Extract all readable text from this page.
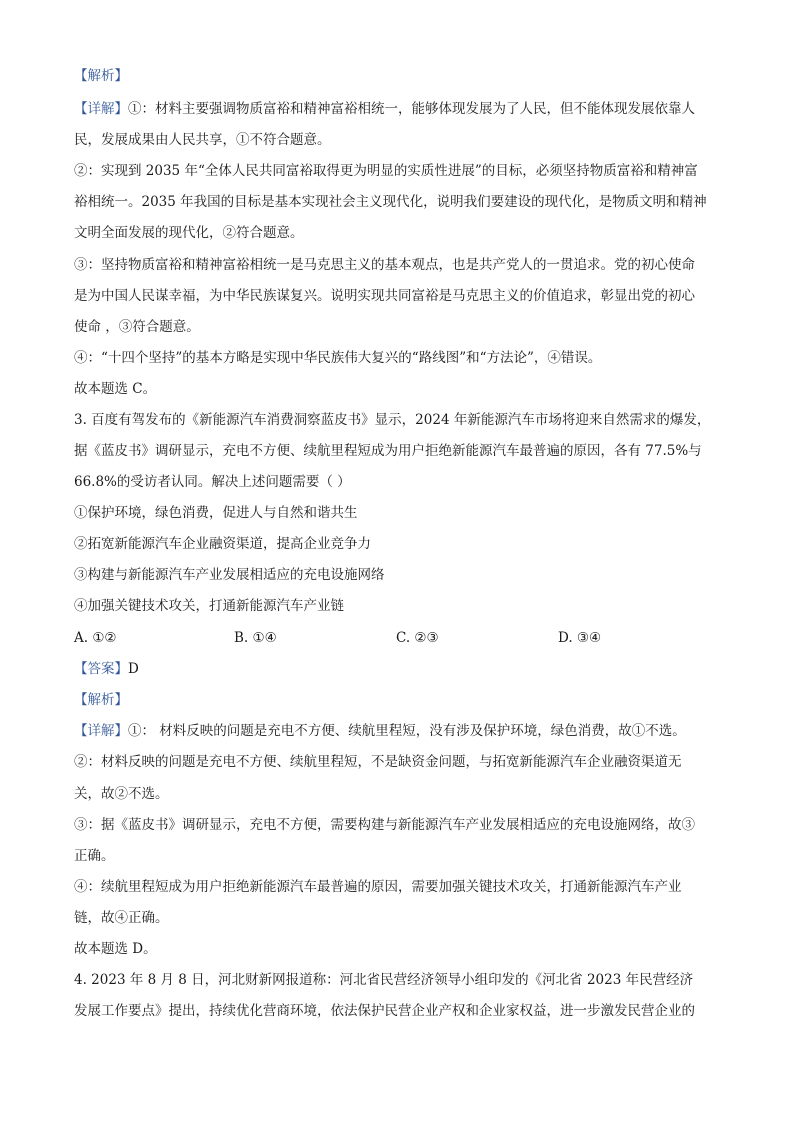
【解析】
【详解】①：材料主要强调物质富裕和精神富裕相统一，能够体现发展为了人民，但不能体现发展依靠人
民，发展成果由人民共享，①不符合题意。
②：实现到 2035 年“全体人民共同富裕取得更为明显的实质性进展”的目标，必须坚持物质富裕和精神富
裕相统一。2035 年我国的目标是基本实现社会主义现代化，说明我们要建设的现代化，是物质文明和精神
文明全面发展的现代化，②符合题意。
③：坚持物质富裕和精神富裕相统一是马克思主义的基本观点，也是共产党人的一贯追求。党的初心使命
是为中国人民谋幸福，为中华民族谋复兴。说明实现共同富裕是马克思主义的价值追求，彰显出党的初心
使命 ，③符合题意。
④：“十四个坚持”的基本方略是实现中华民族伟大复兴的“路线图”和“方法论”，④错误。
故本题选 C。
3. 百度有驾发布的《新能源汽车消费洞察蓝皮书》显示，2024 年新能源汽车市场将迎来自然需求的爆发，
据《蓝皮书》调研显示，充电不方便、续航里程短成为用户拒绝新能源汽车最普遍的原因，各有 77.5%与
66.8%的受访者认同。解决上述问题需要（ ）
①保护环境，绿色消费，促进人与自然和谐共生
②拓宽新能源汽车企业融资渠道，提高企业竞争力
③构建与新能源汽车产业发展相适应的充电设施网络
④加强关键技术攻关，打通新能源汽车产业链
A. ①②	B. ①④	C. ②③	D. ③④
【答案】D
【解析】
【详解】①： 材料反映的问题是充电不方便、续航里程短，没有涉及保护环境，绿色消费，故①不选。
②：材料反映的问题是充电不方便、续航里程短，不是缺资金问题，与拓宽新能源汽车企业融资渠道无
关，故②不选。
③：据《蓝皮书》调研显示，充电不方便，需要构建与新能源汽车产业发展相适应的充电设施网络，故③
正确。
④：续航里程短成为用户拒绝新能源汽车最普遍的原因，需要加强关键技术攻关，打通新能源汽车产业
链，故④正确。
故本题选 D。
4. 2023 年 8 月 8 日，河北财新网报道称：河北省民营经济领导小组印发的《河北省 2023 年民营经济
发展工作要点》提出，持续优化营商环境，依法保护民营企业产权和企业家权益，进一步激发民营企业的
